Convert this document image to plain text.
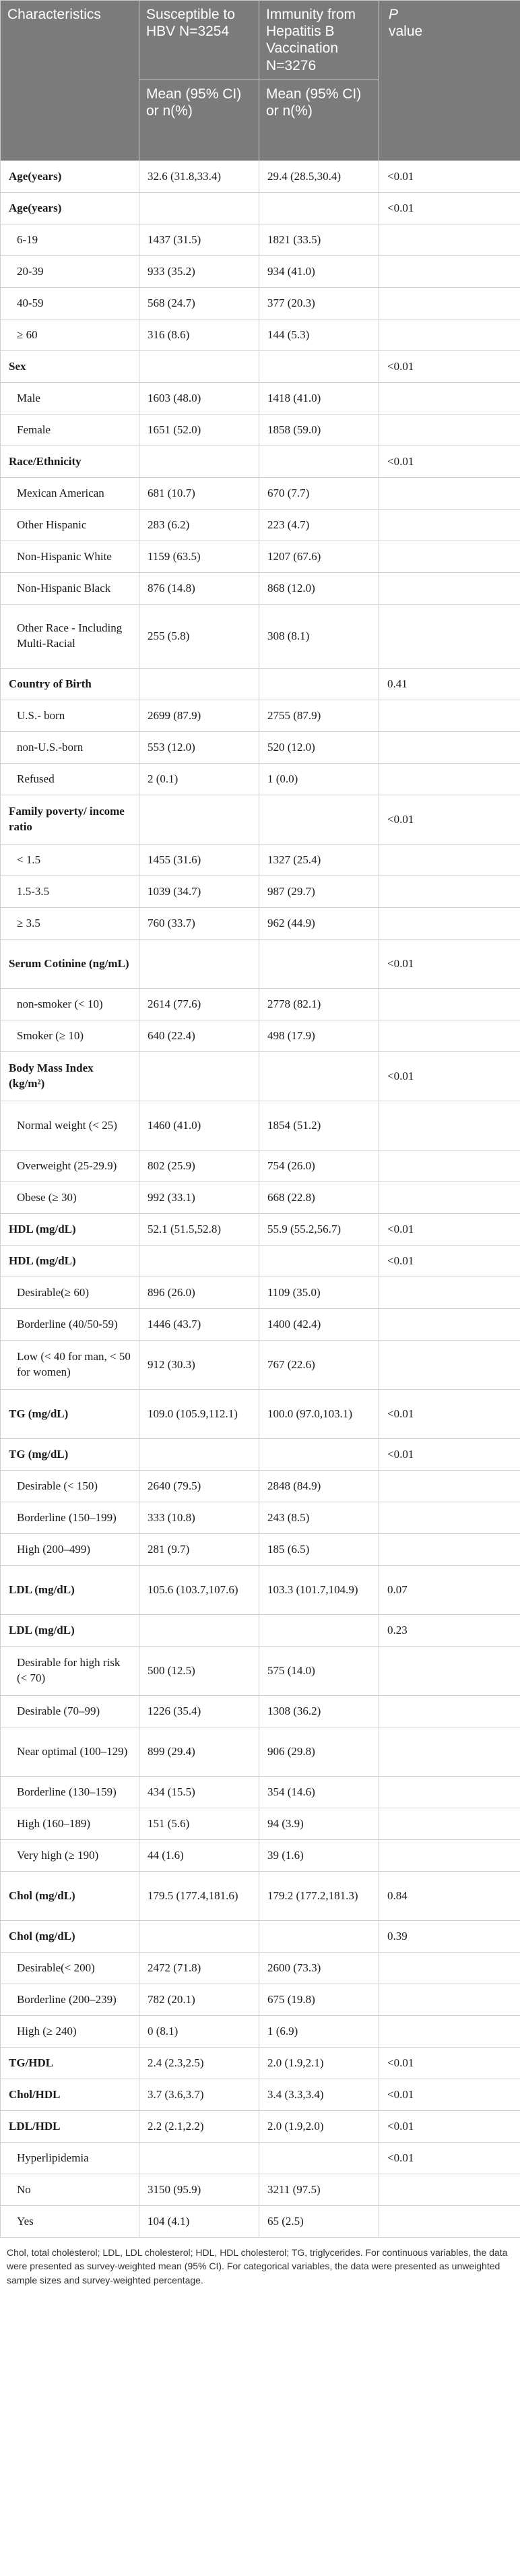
Characteristics	Susceptible to HBV N=3254	Immunity from Hepatitis B Vaccination N=3276	P
value
	Mean (95% CI) or n(%)	Mean (95% CI) or n(%)	
Age(years)	32.6 (31.8,33.4)	29.4 (28.5,30.4)	<0.01
Age(years)			<0.01
6-19	1437 (31.5)	1821 (33.5)	
20-39	933 (35.2)	934 (41.0)	
40-59	568 (24.7)	377 (20.3)	
≥ 60	316 (8.6)	144 (5.3)	
Sex			<0.01
Male	1603 (48.0)	1418 (41.0)	
Female	1651 (52.0)	1858 (59.0)	
Race/Ethnicity			<0.01
Mexican American	681 (10.7)	670 (7.7)	
Other Hispanic	283 (6.2)	223 (4.7)	
Non-Hispanic White	1159 (63.5)	1207 (67.6)	
Non-Hispanic Black	876 (14.8)	868 (12.0)	
Other Race - Including Multi-Racial	255 (5.8)	308 (8.1)	
Country of Birth			0.41
U.S.- born	2699 (87.9)	2755 (87.9)	
non-U.S.-born	553 (12.0)	520 (12.0)	
Refused	2 (0.1)	1 (0.0)	
Family poverty/ income ratio			<0.01
< 1.5	1455 (31.6)	1327 (25.4)	
1.5-3.5	1039 (34.7)	987 (29.7)	
≥ 3.5	760 (33.7)	962 (44.9)	
Serum Cotinine (ng/mL)			<0.01
non-smoker (< 10)	2614 (77.6)	2778 (82.1)	
Smoker (≥ 10)	640 (22.4)	498 (17.9)	
Body Mass Index (kg/m²)			<0.01
Normal weight (< 25)	1460 (41.0)	1854 (51.2)	
Overweight (25-29.9)	802 (25.9)	754 (26.0)	
Obese (≥ 30)	992 (33.1)	668 (22.8)	
HDL (mg/dL)	52.1 (51.5,52.8)	55.9 (55.2,56.7)	<0.01
HDL (mg/dL)			<0.01
Desirable(≥ 60)	896 (26.0)	1109 (35.0)	
Borderline (40/50-59)	1446 (43.7)	1400 (42.4)	
Low (< 40 for man, < 50 for women)	912 (30.3)	767 (22.6)	
TG (mg/dL)	109.0 (105.9,112.1)	100.0 (97.0,103.1)	<0.01
TG (mg/dL)			<0.01
Desirable (< 150)	2640 (79.5)	2848 (84.9)	
Borderline (150–199)	333 (10.8)	243 (8.5)	
High (200–499)	281 (9.7)	185 (6.5)	
LDL (mg/dL)	105.6 (103.7,107.6)	103.3 (101.7,104.9)	0.07
LDL (mg/dL)			0.23
Desirable for high risk (< 70)	500 (12.5)	575 (14.0)	
Desirable (70–99)	1226 (35.4)	1308 (36.2)	
Near optimal (100–129)	899 (29.4)	906 (29.8)	
Borderline (130–159)	434 (15.5)	354 (14.6)	
High (160–189)	151 (5.6)	94 (3.9)	
Very high (≥ 190)	44 (1.6)	39 (1.6)	
Chol (mg/dL)	179.5 (177.4,181.6)	179.2 (177.2,181.3)	0.84
Chol (mg/dL)			0.39
Desirable(< 200)	2472 (71.8)	2600 (73.3)	
Borderline (200–239)	782 (20.1)	675 (19.8)	
High (≥ 240)	0 (8.1)	1 (6.9)	
TG/HDL	2.4 (2.3,2.5)	2.0 (1.9,2.1)	<0.01
Chol/HDL	3.7 (3.6,3.7)	3.4 (3.3,3.4)	<0.01
LDL/HDL	2.2 (2.1,2.2)	2.0 (1.9,2.0)	<0.01
Hyperlipidemia			<0.01
No	3150 (95.9)	3211 (97.5)	
Yes	104 (4.1)	65 (2.5)	
Chol, total cholesterol; LDL, LDL cholesterol; HDL, HDL cholesterol; TG, triglycerides. For continuous variables, the data were presented as survey-weighted mean (95% CI). For categorical variables, the data were presented as unweighted sample sizes and survey-weighted percentage.
